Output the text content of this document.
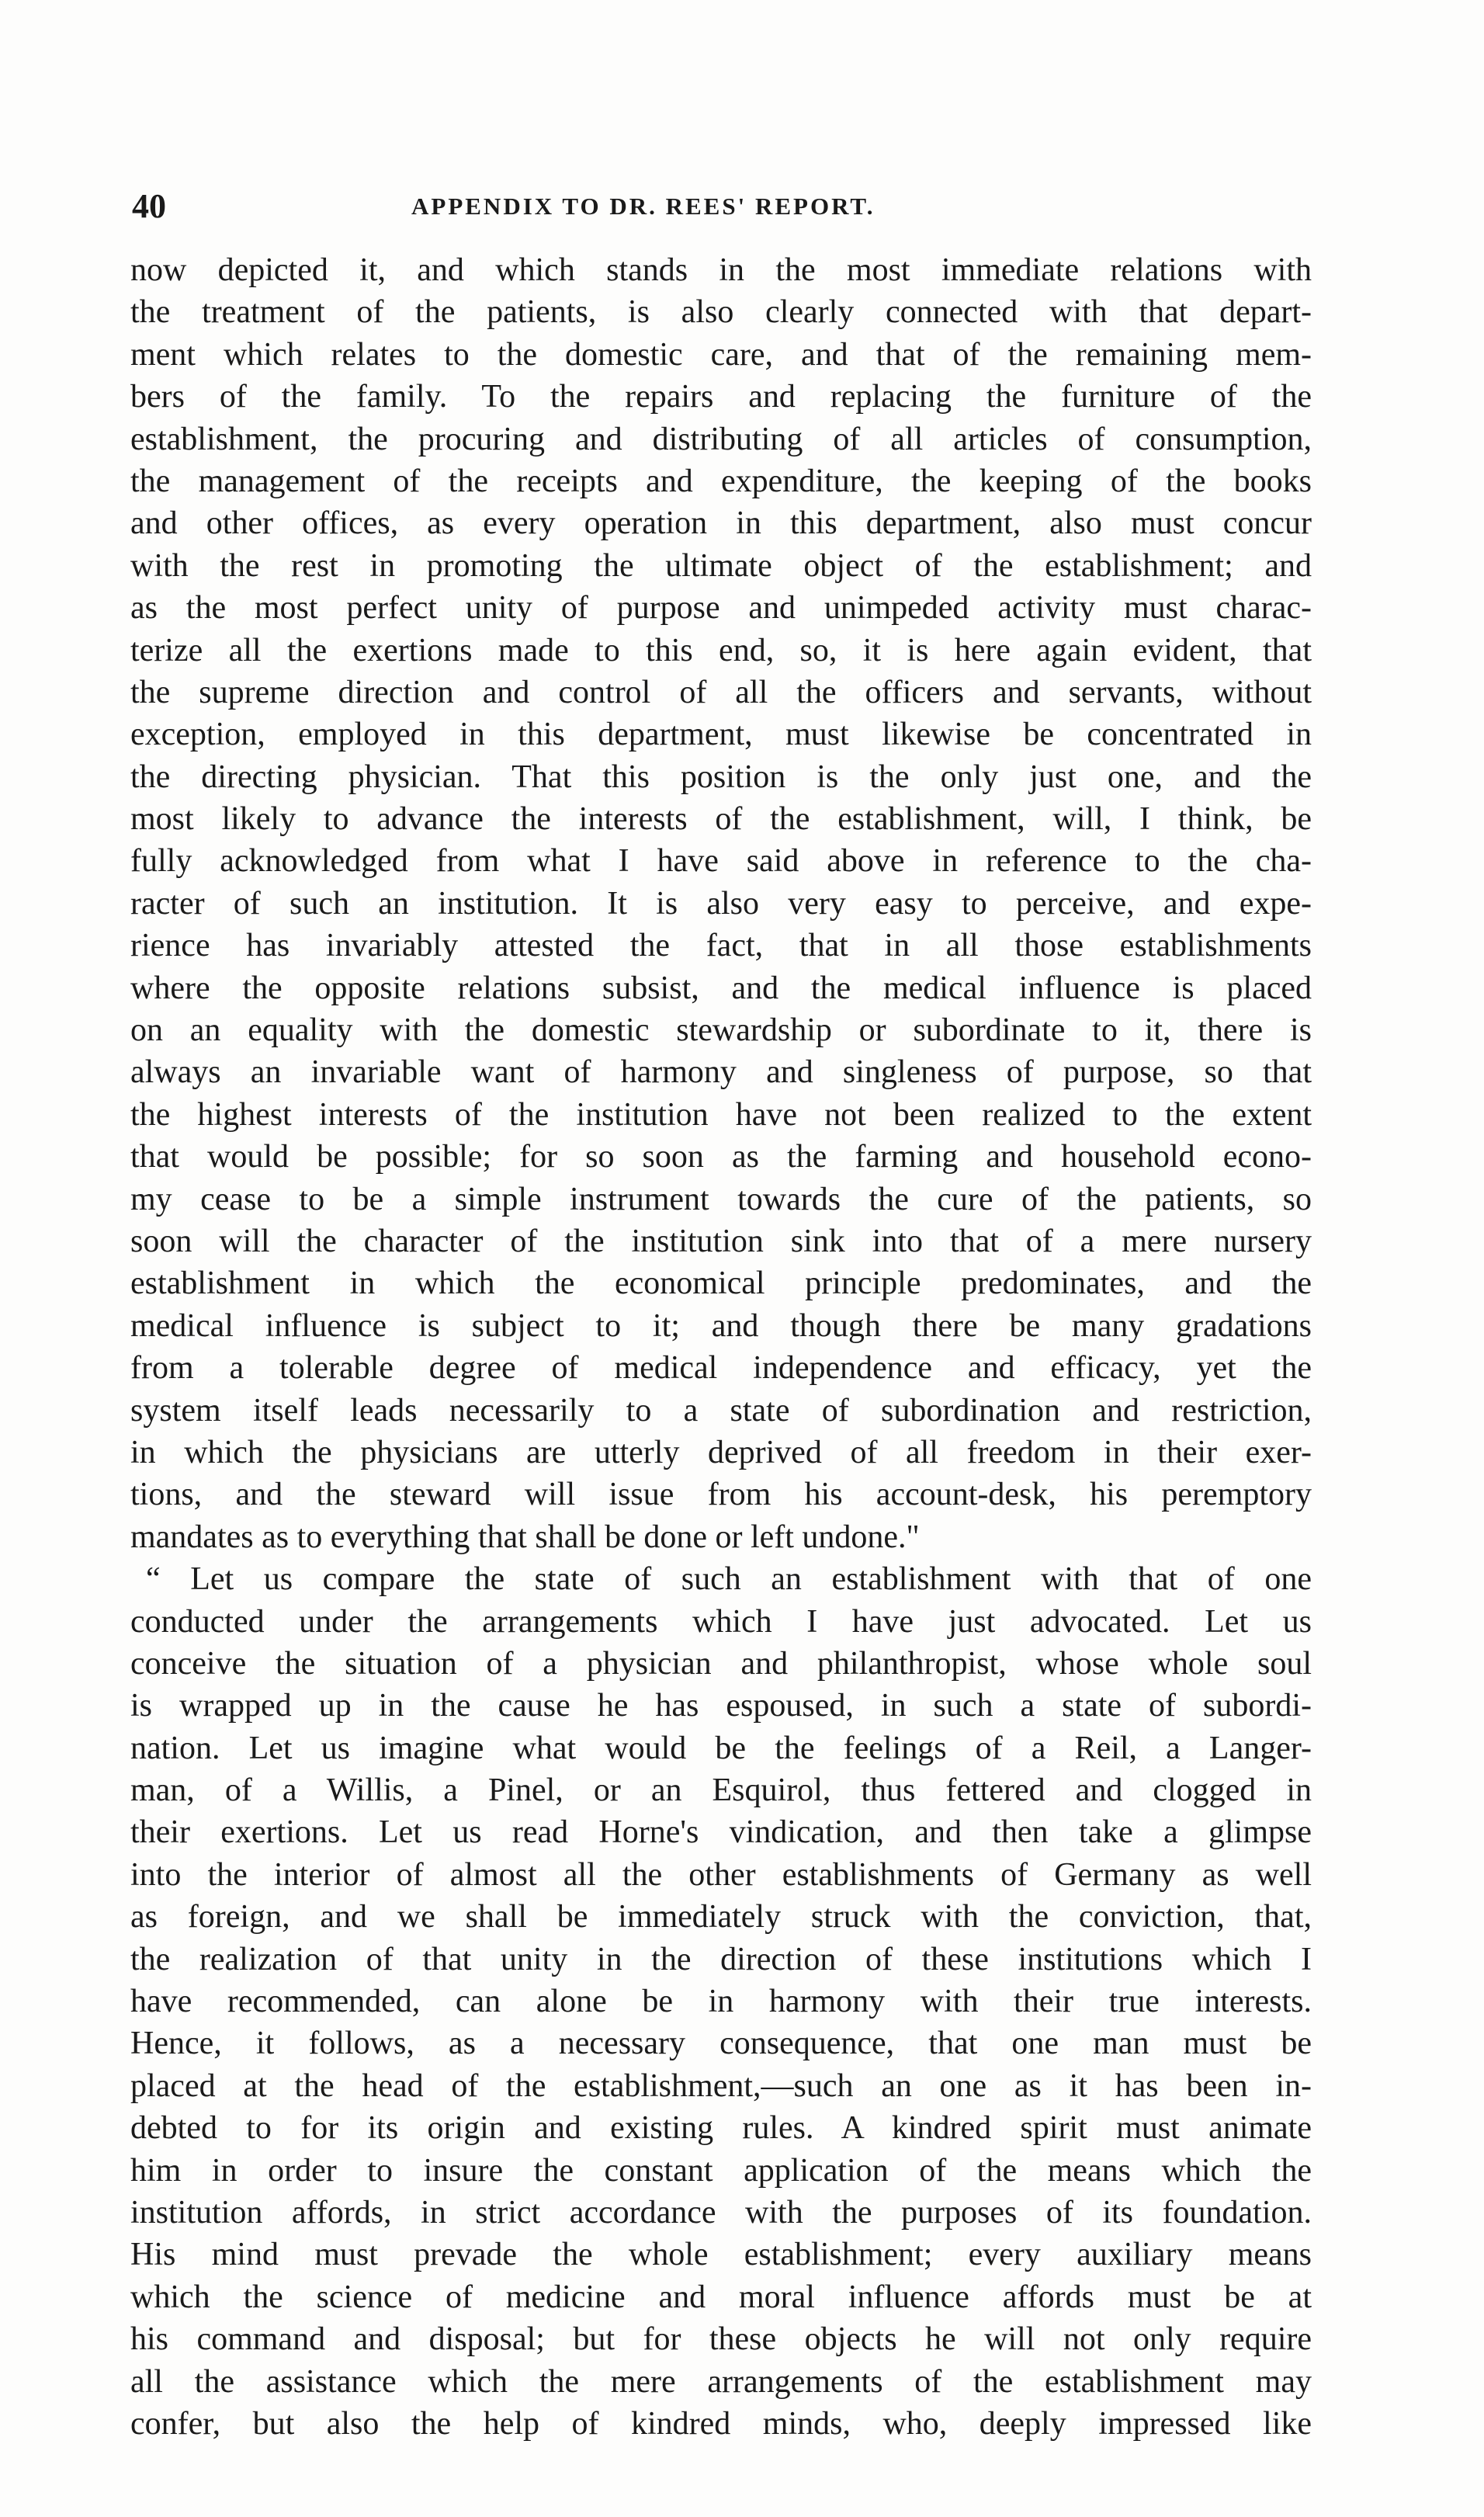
40	APPENDIX TO DR. REES' REPORT.
now depicted it, and which stands in the most immediate relations with
the treatment of the patients, is also clearly connected with that depart-
ment which relates to the domestic care, and that of the remaining mem-
bers of the family. To the repairs and replacing the furniture of the
establishment, the procuring and distributing of all articles of consumption,
the management of the receipts and expenditure, the keeping of the books
and other offices, as every operation in this department, also must concur
with the rest in promoting the ultimate object of the establishment; and
as the most perfect unity of purpose and unimpeded activity must charac-
terize all the exertions made to this end, so, it is here again evident, that
the supreme direction and control of all the officers and servants, without
exception, employed in this department, must likewise be concentrated in
the directing physician. That this position is the only just one, and the
most likely to advance the interests of the establishment, will, I think, be
fully acknowledged from what I have said above in reference to the cha-
racter of such an institution. It is also very easy to perceive, and expe-
rience has invariably attested the fact, that in all those establishments
where the opposite relations subsist, and the medical influence is placed
on an equality with the domestic stewardship or subordinate to it, there is
always an invariable want of harmony and singleness of purpose, so that
the highest interests of the institution have not been realized to the extent
that would be possible; for so soon as the farming and household econo-
my cease to be a simple instrument towards the cure of the patients, so
soon will the character of the institution sink into that of a mere nursery
establishment in which the economical principle predominates, and the
medical influence is subject to it; and though there be many gradations
from a tolerable degree of medical independence and efficacy, yet the
system itself leads necessarily to a state of subordination and restriction,
in which the physicians are utterly deprived of all freedom in their exer-
tions, and the steward will issue from his account-desk, his peremptory
mandates as to everything that shall be done or left undone."
“ Let us compare the state of such an establishment with that of one
conducted under the arrangements which I have just advocated. Let us
conceive the situation of a physician and philanthropist, whose whole soul
is wrapped up in the cause he has espoused, in such a state of subordi-
nation. Let us imagine what would be the feelings of a Reil, a Langer-
man, of a Willis, a Pinel, or an Esquirol, thus fettered and clogged in
their exertions. Let us read Horne's vindication, and then take a glimpse
into the interior of almost all the other establishments of Germany as well
as foreign, and we shall be immediately struck with the conviction, that,
the realization of that unity in the direction of these institutions which I
have recommended, can alone be in harmony with their true interests.
Hence, it follows, as a necessary consequence, that one man must be
placed at the head of the establishment,—such an one as it has been in-
debted to for its origin and existing rules. A kindred spirit must animate
him in order to insure the constant application of the means which the
institution affords, in strict accordance with the purposes of its foundation.
His mind must prevade the whole establishment; every auxiliary means
which the science of medicine and moral influence affords must be at
his command and disposal; but for these objects he will not only require
all the assistance which the mere arrangements of the establishment may
confer, but also the help of kindred minds, who, deeply impressed like
